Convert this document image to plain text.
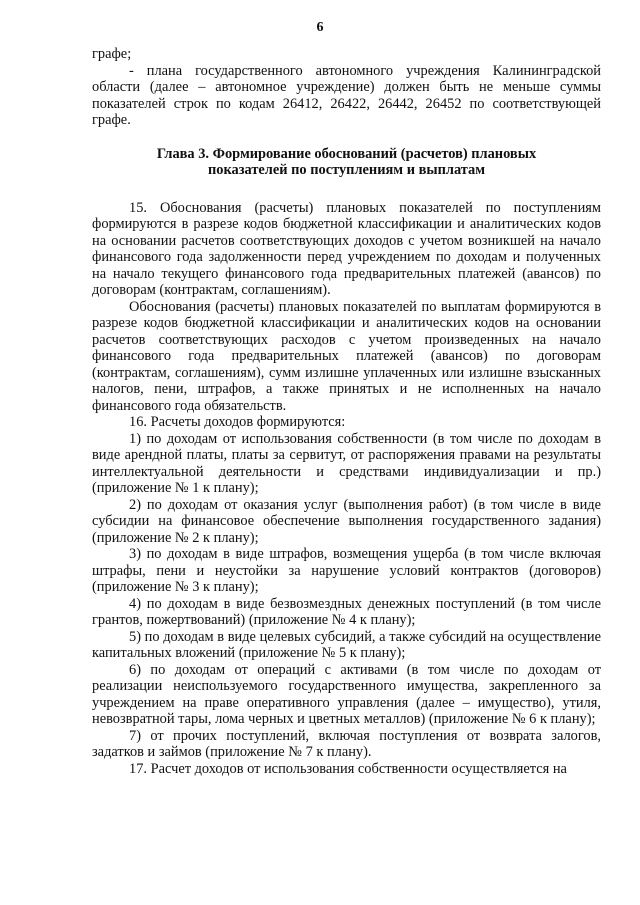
6

графе;

- плана государственного автономного учреждения Калининградской области (далее – автономное учреждение) должен быть не меньше суммы показателей строк по кодам 26412, 26422, 26442, 26452 по соответствующей графе.

Глава 3. Формирование обоснований (расчетов) плановых
показателей по поступлениям и выплатам

15. Обоснования (расчеты) плановых показателей по поступлениям формируются в разрезе кодов бюджетной классификации и аналитических кодов на основании расчетов соответствующих доходов с учетом возникшей на начало финансового года задолженности перед учреждением по доходам и полученных на начало текущего финансового года предварительных платежей (авансов) по договорам (контрактам, соглашениям).

Обоснования (расчеты) плановых показателей по выплатам формируются в разрезе кодов бюджетной классификации и аналитических кодов на основании расчетов соответствующих расходов с учетом произведенных на начало финансового года предварительных платежей (авансов) по договорам (контрактам, соглашениям), сумм излишне уплаченных или излишне взысканных налогов, пени, штрафов, а также принятых и не исполненных на начало финансового года обязательств.

16. Расчеты доходов формируются:

1) по доходам от использования собственности (в том числе по доходам в виде арендной платы, платы за сервитут, от распоряжения правами на результаты интеллектуальной деятельности и средствами индивидуализации и пр.) (приложение № 1 к плану);

2) по доходам от оказания услуг (выполнения работ) (в том числе в виде субсидии на финансовое обеспечение выполнения государственного задания) (приложение № 2 к плану);

3) по доходам в виде штрафов, возмещения ущерба (в том числе включая штрафы, пени и неустойки за нарушение условий контрактов (договоров) (приложение № 3 к плану);

4) по доходам в виде безвозмездных денежных поступлений (в том числе грантов, пожертвований) (приложение № 4 к плану);

5) по доходам в виде целевых субсидий, а также субсидий на осуществление капитальных вложений (приложение № 5 к плану);

6) по доходам от операций с активами (в том числе по доходам от реализации неиспользуемого государственного имущества, закрепленного за учреждением на праве оперативного управления (далее – имущество), утиля, невозвратной тары, лома черных и цветных металлов) (приложение № 6 к плану);

7) от прочих поступлений, включая поступления от возврата залогов, задатков и займов (приложение № 7 к плану).

17. Расчет доходов от использования собственности осуществляется на
